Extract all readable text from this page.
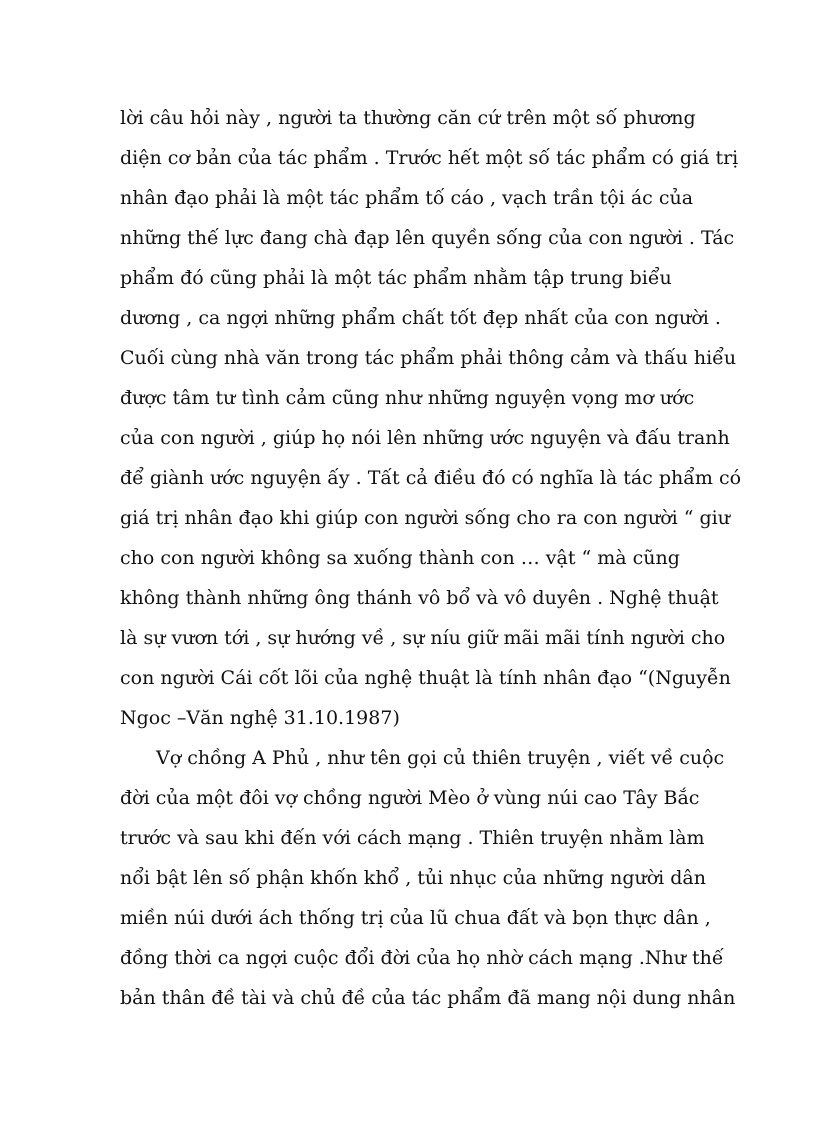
lời câu hỏi này , người ta thường căn cứ trên một số phương
diện cơ bản của tác phẩm . Trước hết một số tác phẩm có giá trị
nhân đạo phải là một tác phẩm tố cáo , vạch trần tội ác của
những thế lực đang chà đạp lên quyền sống của con người . Tác
phẩm đó cũng phải là một tác phẩm nhằm tập trung biểu
dương , ca ngợi những phẩm chất tốt đẹp nhất của con người .
Cuối cùng nhà văn trong tác phẩm phải thông cảm và thấu hiểu
được tâm tư tình cảm cũng như những nguyện vọng mơ ước
của con người , giúp họ nói lên những ước nguyện và đấu tranh
để giành ước nguyện ấy . Tất cả điều đó có nghĩa là tác phẩm có
giá trị nhân đạo khi giúp con người sống cho ra con người “ giư
cho con người không sa xuống thành con … vật “ mà cũng
không thành những ông thánh vô bổ và vô duyên . Nghệ thuật
là sự vươn tới , sự hướng về , sự níu giữ mãi mãi tính người cho
con người Cái cốt lõi của nghệ thuật là tính nhân đạo “(Nguyễn
Ngoc –Văn nghệ 31.10.1987)
Vợ chồng A Phủ , như tên gọi củ thiên truyện , viết về cuộc
đời của một đôi vợ chồng người Mèo ở vùng núi cao Tây Bắc
trước và sau khi đến với cách mạng . Thiên truyện nhằm làm
nổi bật lên số phận khốn khổ , tủi nhục của những người dân
miền núi dưới ách thống trị của lũ chua đất và bọn thực dân ,
đồng thời ca ngợi cuộc đổi đời của họ nhờ cách mạng .Như thế
bản thân đề tài và chủ đề của tác phẩm đã mang nội dung nhân
